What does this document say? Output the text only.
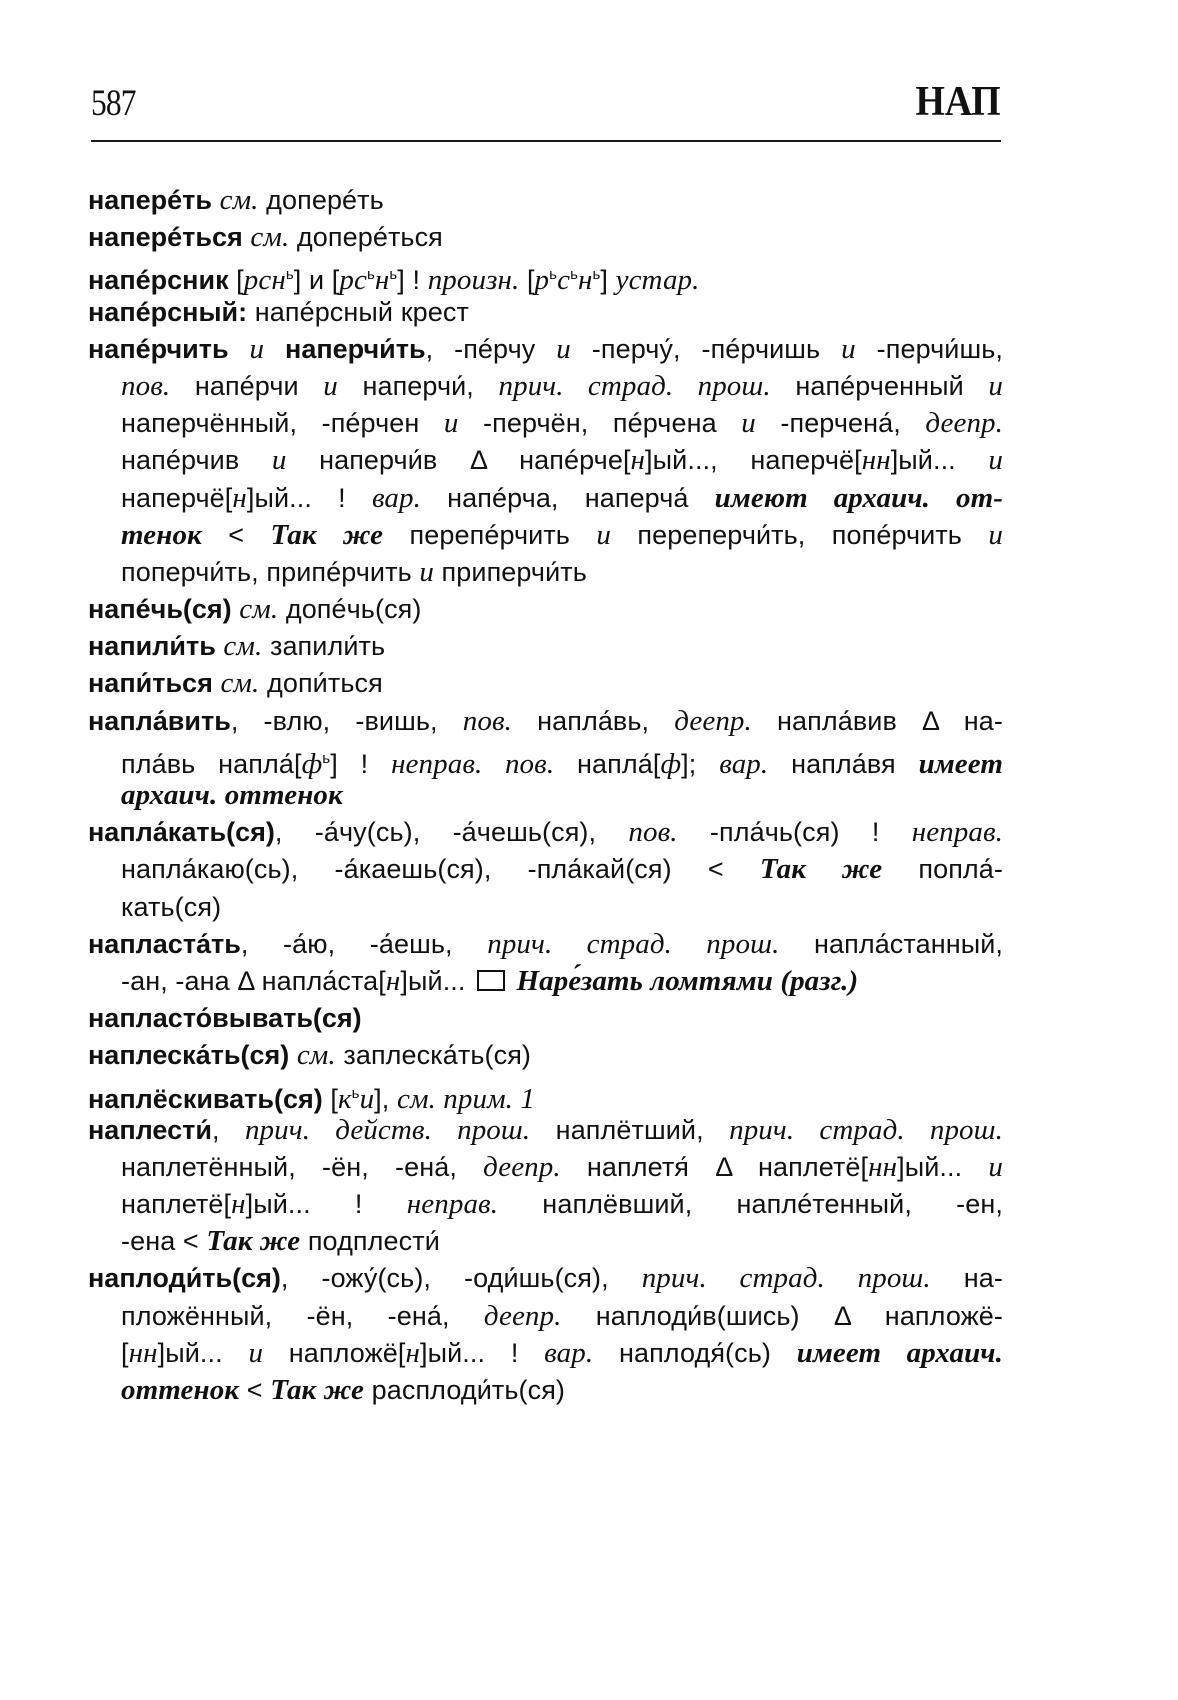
587	НАП
наперéть см. доперéть
наперéться см. доперéться
напéрсник [рсн$^ь$] и $[рс^ьн^ь]$ ! произн. $[р^ьс^ьн^ь]$ устар.
напéрсный: напéрсный крест
напéрчить и наперчи́ть, -пéрчу и -перчу́, -пéрчишь и -перчи́шь,
пов. напéрчи и наперчи́, прич. страд. прош. напéрченный и
наперчённый, -пéрчен и -перчён, пéрчена и -перчена́, деепр.
напéрчив и наперчи́в Δ напéрче[н]ый..., наперчё[нн]ый... и
наперчё[н]ый... ! вар. напéрча, наперча́ имеют архаич. от-
тенок < Так же перепéрчить и переперчи́ть, попéрчить и
поперчи́ть, припéрчить и приперчи́ть
напéчь(ся) см. допéчь(ся)
напили́ть см. запили́ть
напи́ться см. допи́ться
напла́вить, -влю, -вишь, пов. напла́вь, деепр. напла́вив Δ на-
пла́вь $напла́[ф^ь]$ ! неправ. пов. напла́[ф]; вар. напла́вя имеет
архаич. оттенок
напла́кать(ся), -а́чу(сь), -а́чешь(ся), пов. -пла́чь(ся) ! неправ.
напла́каю(сь), -а́каешь(ся), -пла́кай(ся) < Так же попла́-
кать(ся)
напласта́ть, -а́ю, -а́ешь, прич. страд. прош. напла́станный,
-ан, -ана Δ напла́ста[н]ый...  Наре́зать ломтями (разг.)
напласто́вывать(ся)
наплеска́ть(ся) см. заплеска́ть(ся)
наплёскивать(ся) $[к^ьи]$, см. прим. 1
наплести́, прич. действ. прош. наплётший, прич. страд. прош.
наплетённый, -ён, -ена́, деепр. наплетя́ Δ наплетё[нн]ый... и
наплетё[н]ый... ! неправ. наплёвший, наплéтенный, -ен,
-ена < Так же подплести́
наплоди́ть(ся), -ожу́(сь), -оди́шь(ся), прич. страд. прош. на-
пложённый, -ён, -ена́, деепр. наплоди́в(шись) Δ напложё-
[нн]ый... и напложё[н]ый... ! вар. наплодя́(сь) имеет архаич.
оттенок < Так же расплоди́ть(ся)
